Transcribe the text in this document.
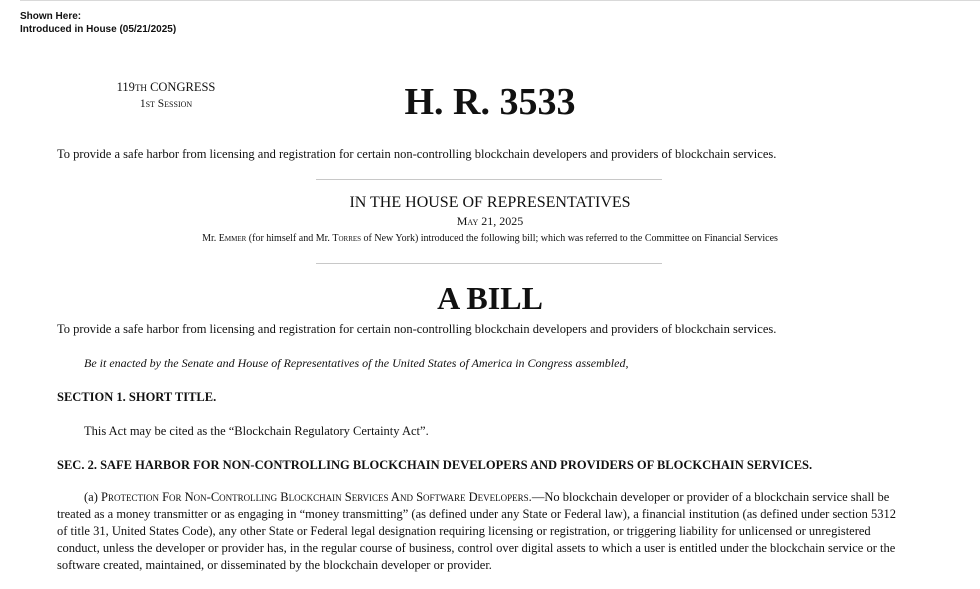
Shown Here:
Introduced in House (05/21/2025)
119TH CONGRESS
1st Session	H. R. 3533
To provide a safe harbor from licensing and registration for certain non-controlling blockchain developers and providers of blockchain services.
IN THE HOUSE OF REPRESENTATIVES
May 21, 2025
Mr. Emmer (for himself and Mr. Torres of New York) introduced the following bill; which was referred to the Committee on Financial Services
A BILL
To provide a safe harbor from licensing and registration for certain non-controlling blockchain developers and providers of blockchain services.
Be it enacted by the Senate and House of Representatives of the United States of America in Congress assembled,
SECTION 1. SHORT TITLE.
This Act may be cited as the “Blockchain Regulatory Certainty Act”.
SEC. 2. SAFE HARBOR FOR NON-CONTROLLING BLOCKCHAIN DEVELOPERS AND PROVIDERS OF BLOCKCHAIN SERVICES.
(a) Protection For Non-Controlling Blockchain Services And Software Developers.—No blockchain developer or provider of a blockchain service shall be treated as a money transmitter or as engaging in “money transmitting” (as defined under any State or Federal law), a financial institution (as defined under section 5312 of title 31, United States Code), any other State or Federal legal designation requiring licensing or registration, or triggering liability for unlicensed or unregistered conduct, unless the developer or provider has, in the regular course of business, control over digital assets to which a user is entitled under the blockchain service or the software created, maintained, or disseminated by the blockchain developer or provider.
